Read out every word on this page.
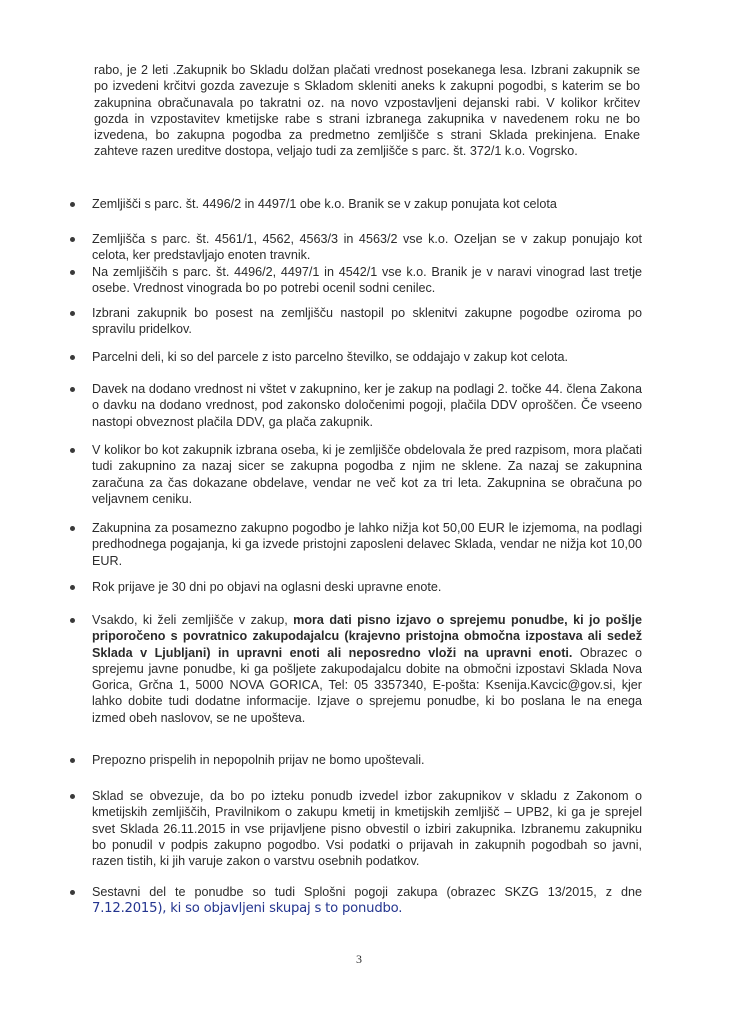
rabo, je 2 leti .Zakupnik bo Skladu dolžan plačati vrednost posekanega lesa. Izbrani zakupnik se po izvedeni krčitvi gozda zavezuje s Skladom skleniti aneks k zakupni pogodbi, s katerim se bo zakupnina obračunavala po takratni oz. na novo vzpostavljeni dejanski rabi. V kolikor krčitev gozda in vzpostavitev kmetijske rabe s strani izbranega zakupnika v navedenem roku ne bo izvedena, bo zakupna pogodba za predmetno zemljišče s strani Sklada prekinjena. Enake zahteve razen ureditve dostopa, veljajo tudi za zemljišče s parc. št. 372/1 k.o. Vogrsko.
Zemljišči s parc. št. 4496/2 in 4497/1 obe k.o. Branik se v zakup ponujata kot celota
Zemljišča s parc. št. 4561/1, 4562, 4563/3 in 4563/2 vse k.o. Ozeljan se v zakup ponujajo kot celota, ker predstavljajo enoten travnik.
Na zemljiščih s parc. št. 4496/2, 4497/1 in 4542/1 vse k.o. Branik je v naravi vinograd last tretje osebe. Vrednost vinograda bo po potrebi ocenil sodni cenilec.
Izbrani zakupnik bo posest na zemljišču nastopil po sklenitvi zakupne pogodbe oziroma po spravilu pridelkov.
Parcelni deli, ki so del parcele z isto parcelno številko, se oddajajo v zakup kot celota.
Davek na dodano vrednost ni vštet v zakupnino, ker je zakup na podlagi 2. točke 44. člena Zakona o davku na dodano vrednost, pod zakonsko določenimi pogoji, plačila DDV oproščen. Če vseeno nastopi obveznost plačila DDV, ga plača zakupnik.
V kolikor bo kot zakupnik izbrana oseba, ki je zemljišče obdelovala že pred razpisom, mora plačati tudi zakupnino za nazaj sicer se zakupna pogodba z njim ne sklene. Za nazaj se zakupnina zaračuna za čas dokazane obdelave, vendar ne več kot za tri leta. Zakupnina se obračuna po veljavnem ceniku.
Zakupnina za posamezno zakupno pogodbo je lahko nižja kot 50,00 EUR le izjemoma, na podlagi predhodnega pogajanja, ki ga izvede pristojni zaposleni delavec Sklada, vendar ne nižja kot 10,00 EUR.
Rok prijave je 30 dni po objavi na oglasni deski upravne enote.
Vsakdo, ki želi zemljišče v zakup, mora dati pisno izjavo o sprejemu ponudbe, ki jo pošlje priporočeno s povratnico zakupodajalcu (krajevno pristojna območna izpostava ali sedež Sklada v Ljubljani) in upravni enoti ali neposredno vloži na upravni enoti. Obrazec o sprejemu javne ponudbe, ki ga pošljete zakupodajalcu dobite na območni izpostavi Sklada Nova Gorica, Grčna 1, 5000 NOVA GORICA, Tel: 05 3357340, E-pošta: Ksenija.Kavcic@gov.si, kjer lahko dobite tudi dodatne informacije. Izjave o sprejemu ponudbe, ki bo poslana le na enega izmed obeh naslovov, se ne upošteva.
Prepozno prispelih in nepopolnih prijav ne bomo upoštevali.
Sklad se obvezuje, da bo po izteku ponudb izvedel izbor zakupnikov v skladu z Zakonom o kmetijskih zemljiščih, Pravilnikom o zakupu kmetij in kmetijskih zemljišč – UPB2, ki ga je sprejel svet Sklada 26.11.2015 in vse prijavljene pisno obvestil o izbiri zakupnika. Izbranemu zakupniku bo ponudil v podpis zakupno pogodbo. Vsi podatki o prijavah in zakupnih pogodbah so javni, razen tistih, ki jih varuje zakon o varstvu osebnih podatkov.
Sestavni del te ponudbe so tudi Splošni pogoji zakupa (obrazec SKZG 13/2015, z dne 7.12.2015), ki so objavljeni skupaj s to ponudbo.
3
